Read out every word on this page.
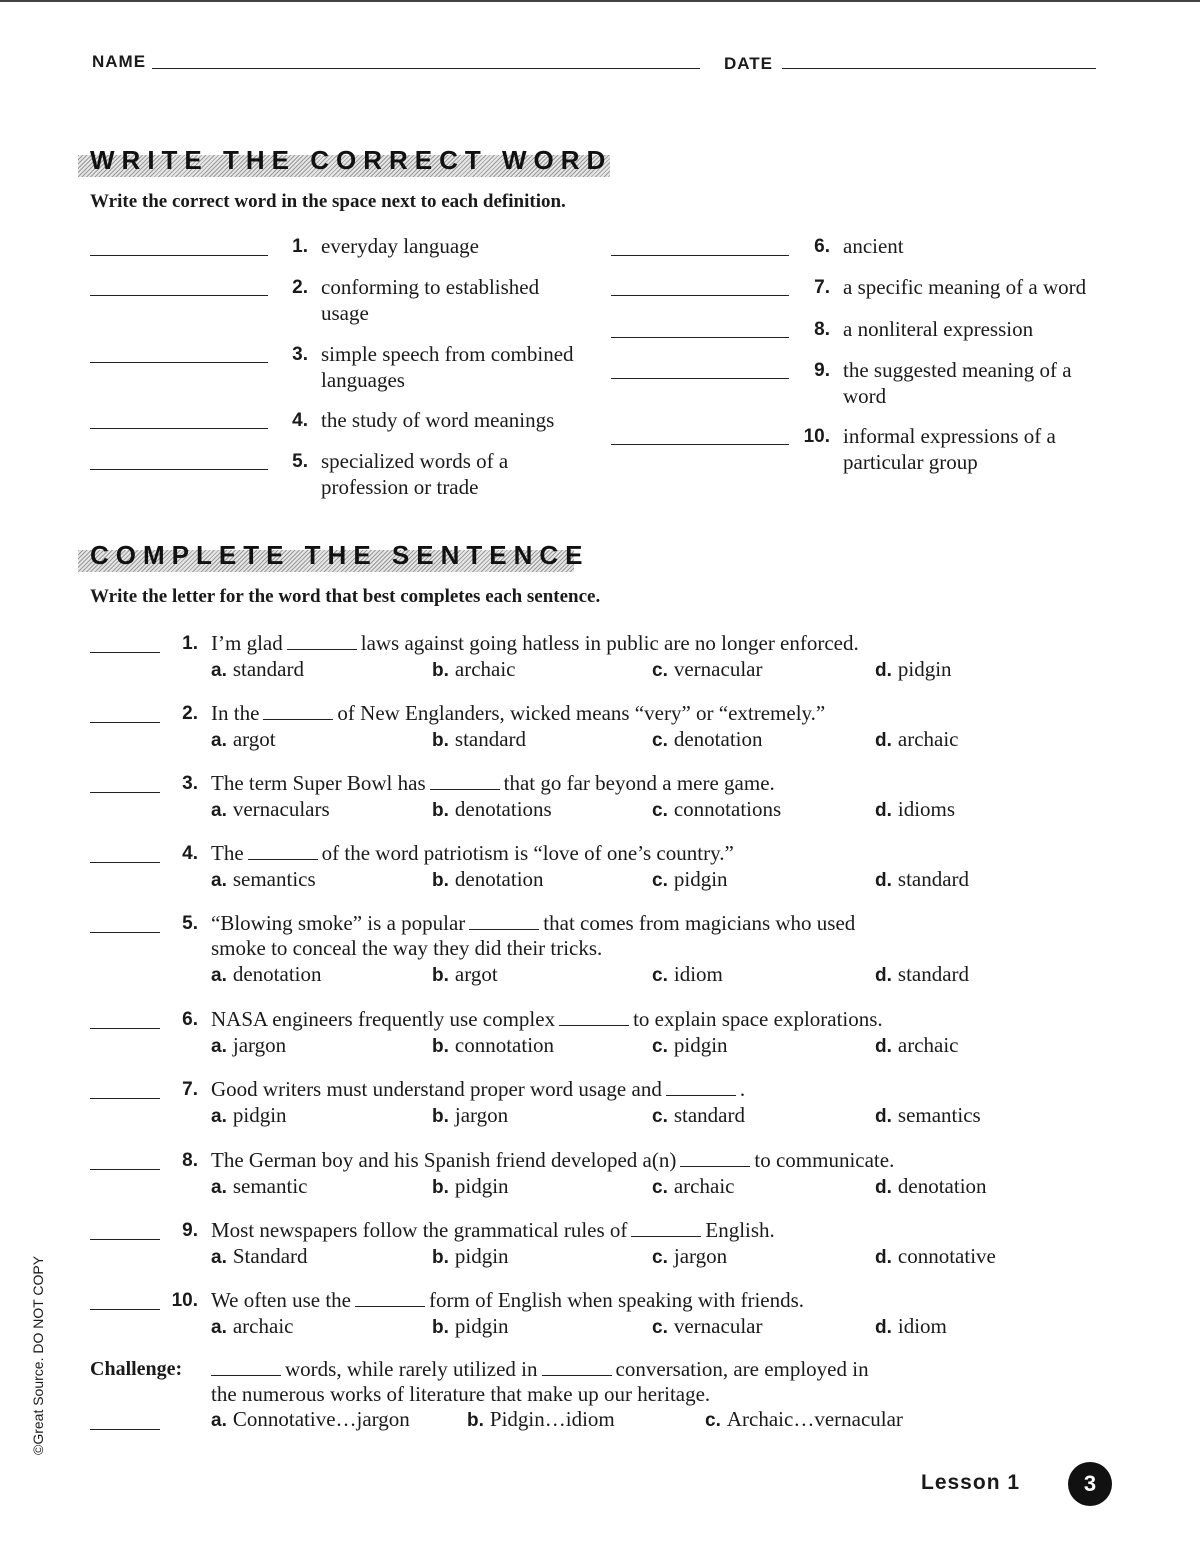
NAME	DATE
WRITE THE CORRECT WORD
Write the correct word in the space next to each definition.
1. everyday language
2. conforming to established usage
3. simple speech from combined languages
4. the study of word meanings
5. specialized words of a profession or trade
6. ancient
7. a specific meaning of a word
8. a nonliteral expression
9. the suggested meaning of a word
10. informal expressions of a particular group
COMPLETE THE SENTENCE
Write the letter for the word that best completes each sentence.
1. I’m glad	laws against going hatless in public are no longer enforced.
a. standard	b. archaic	c. vernacular	d. pidgin
2. In the	of New Englanders, wicked means “very” or “extremely.”
a. argot	b. standard	c. denotation	d. archaic
3. The term Super Bowl has	that go far beyond a mere game.
a. vernaculars	b. denotations	c. connotations	d. idioms
4. The	of the word patriotism is “love of one’s country.”
a. semantics	b. denotation	c. pidgin	d. standard
5. “Blowing smoke” is a popular	that comes from magicians who used
smoke to conceal the way they did their tricks.
a. denotation	b. argot	c. idiom	d. standard
6. NASA engineers frequently use complex	to explain space explorations.
a. jargon	b. connotation	c. pidgin	d. archaic
7. Good writers must understand proper word usage and	.
a. pidgin	b. jargon	c. standard	d. semantics
8. The German boy and his Spanish friend developed a(n)	to communicate.
a. semantic	b. pidgin	c. archaic	d. denotation
9. Most newspapers follow the grammatical rules of	English.
a. Standard	b. pidgin	c. jargon	d. connotative
10. We often use the	form of English when speaking with friends.
a. archaic	b. pidgin	c. vernacular	d. idiom
Challenge:	words, while rarely utilized in	conversation, are employed in
the numerous works of literature that make up our heritage.
a. Connotative…jargon	b. Pidgin…idiom	c. Archaic…vernacular
©Great Source. DO NOT COPY
Lesson 1	3
